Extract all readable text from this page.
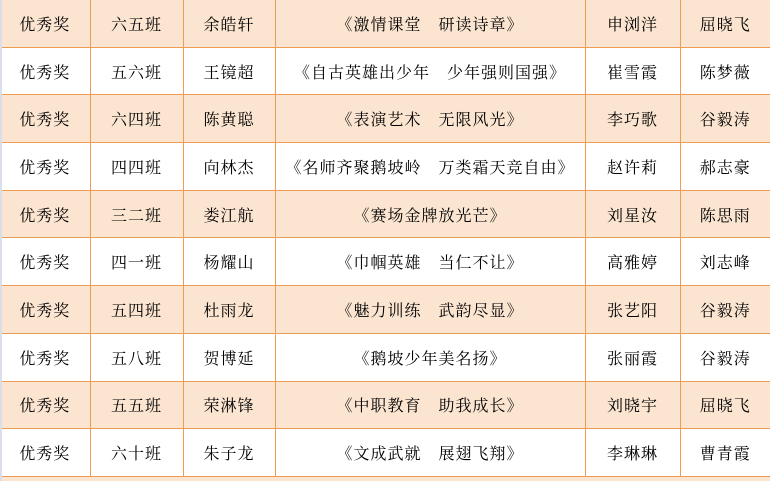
优秀奖	六五班	余皓轩	《激情课堂　研读诗章》	申浏洋	屈晓飞
优秀奖	五六班	王镜超	《自古英雄出少年　少年强则国强》	崔雪霞	陈梦薇
优秀奖	六四班	陈黄聪	《表演艺术　无限风光》	李巧歌	谷毅涛
优秀奖	四四班	向林杰	《名师齐聚鹅坡岭　万类霜天竞自由》	赵许莉	郝志豪
优秀奖	三二班	娄江航	《赛场金牌放光芒》	刘星汝	陈思雨
优秀奖	四一班	杨耀山	《巾帼英雄　当仁不让》	高雅婷	刘志峰
优秀奖	五四班	杜雨龙	《魅力训练　武韵尽显》	张艺阳	谷毅涛
优秀奖	五八班	贺博延	《鹅坡少年美名扬》	张丽霞	谷毅涛
优秀奖	五五班	荣淋锋	《中职教育　助我成长》	刘晓宇	屈晓飞
优秀奖	六十班	朱子龙	《文成武就　展翅飞翔》	李琳琳	曹青霞
